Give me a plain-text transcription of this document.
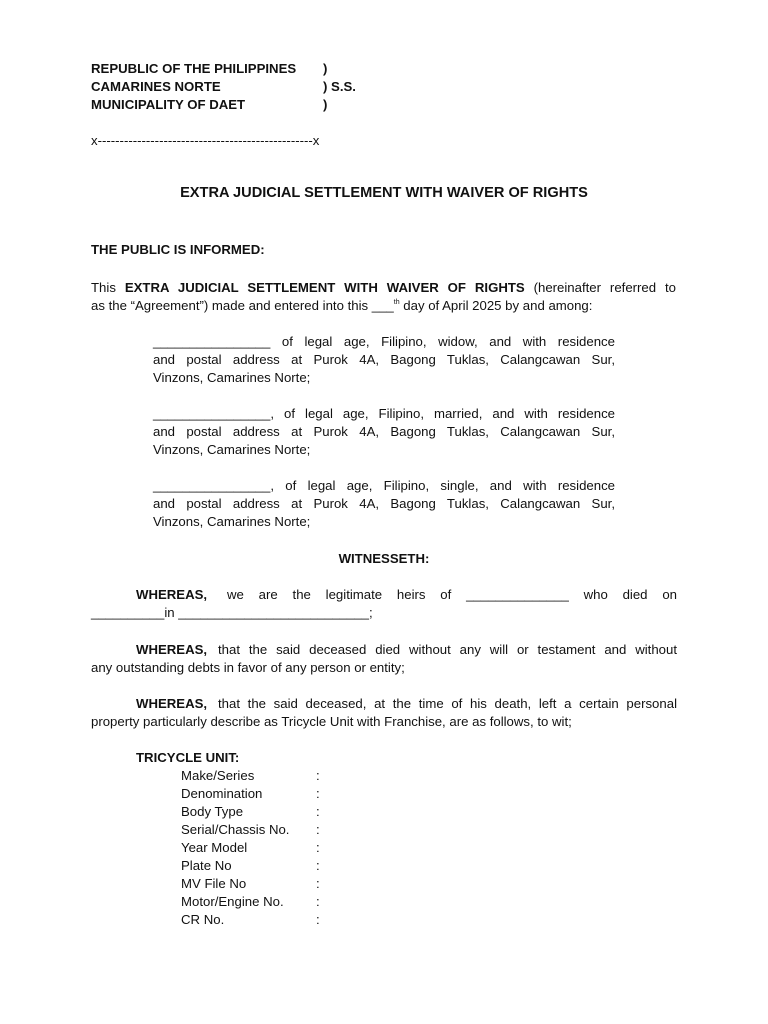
REPUBLIC OF THE PHILIPPINES )
CAMARINES NORTE	) S.S.
MUNICIPALITY OF DAET	)
x-------------------------------------------------x
EXTRA JUDICIAL SETTLEMENT WITH WAIVER OF RIGHTS
THE PUBLIC IS INFORMED:
This EXTRA JUDICIAL SETTLEMENT WITH WAIVER OF RIGHTS (hereinafter referred to
as the “Agreement”) made and entered into this ___$^{th}$ day of April 2025 by and among:
________________ of legal age, Filipino, widow, and with residence
and postal address at Purok 4A, Bagong Tuklas, Calangcawan Sur,
Vinzons, Camarines Norte;
________________, of legal age, Filipino, married, and with residence
and postal address at Purok 4A, Bagong Tuklas, Calangcawan Sur,
Vinzons, Camarines Norte;
________________, of legal age, Filipino, single, and with residence
and postal address at Purok 4A, Bagong Tuklas, Calangcawan Sur,
Vinzons, Camarines Norte;
WITNESSETH:
WHEREAS, we are the legitimate heirs of ______________ who died on
__________in __________________________;
WHEREAS, that the said deceased died without any will or testament and without
any outstanding debts in favor of any person or entity;
WHEREAS, that the said deceased, at the time of his death, left a certain personal
property particularly describe as Tricycle Unit with Franchise, are as follows, to wit;
TRICYCLE UNIT:
Make/Series	:
Denomination	:
Body Type	:
Serial/Chassis No. :
Year Model	:
Plate No	:
MV File No	:
Motor/Engine No. :
CR No.	:
